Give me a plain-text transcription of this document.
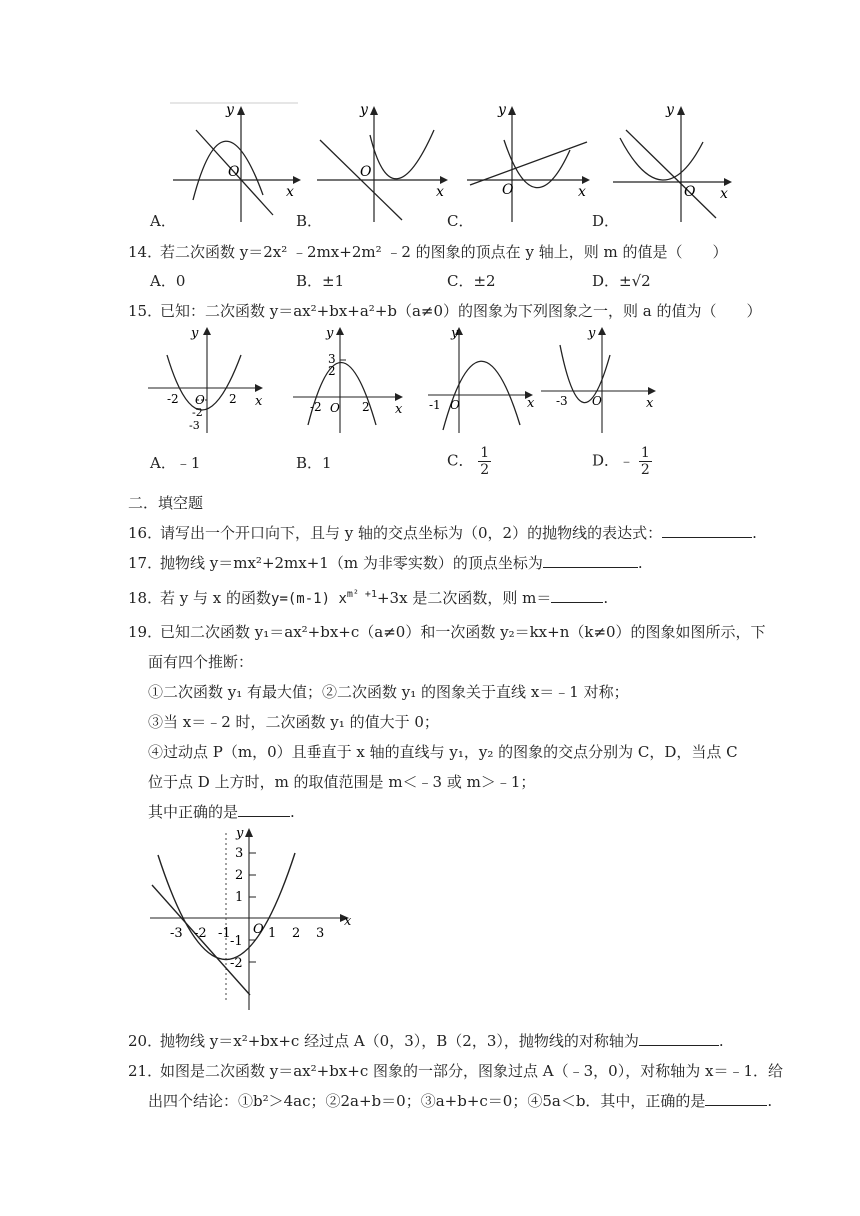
y
O
x
y
O
x
y
O	x
y
O x
A．	B．	C．	D．
14．
若二次函数 y＝2x² ﹣2mx+2m² ﹣2 的图象的顶点在 y 轴上，则 m 的值是（　　）
A．0	B．±1	C．±2	D．±√2
15．
已知：二次函数 y＝ax²+bx+a²+b（a≠0）的图象为下列图象之一，则 a 的值为（　　）
y
x
-2 O 2
-2
-3
y
x
3
2
-2 O 2
y
x
-1 O
y
x
-3 O
A．﹣1	B．1	C． $\frac{1}{2}$	D．﹣ $\frac{1}{2}$
二．填空题
16．
请写出一个开口向下，且与 y 轴的交点坐标为（0，2）的抛物线的表达式：	.
17．
抛物线 y＝mx²+2mx+1（m 为非零实数）的顶点坐标为	.
18．
若 y 与 x 的函数y=(m-1) $x^{m^2 +1}+3x$ 是二次函数，则 m＝	.
19．
已知二次函数 y₁＝ax²+bx+c（a≠0）和一次函数 y₂＝kx+n（k≠0）的图象如图所示，下
面有四个推断：
①二次函数 y₁ 有最大值；②二次函数 y₁ 的图象关于直线 x＝﹣1 对称；
③当 x＝﹣2 时，二次函数 y₁ 的值大于 0；
④过动点 P（m，0）且垂直于 x 轴的直线与 y₁，y₂ 的图象的交点分别为 C，D，当点 C
位于点 D 上方时，m 的取值范围是 m＜﹣3 或 m＞﹣1；
其中正确的是	.
y
x
-3 -2 -1 O 1 2 3
3
2
1
-1
-2
20．
抛物线 y＝x²+bx+c 经过点 A（0，3），B（2，3），抛物线的对称轴为	.
21．
如图是二次函数 y＝ax²+bx+c 图象的一部分，图象过点 A（﹣3，0），对称轴为 x＝﹣1．给
出四个结论：①b²＞4ac；②2a+b＝0；③a+b+c＝0；④5a＜b．其中，正确的是	.
